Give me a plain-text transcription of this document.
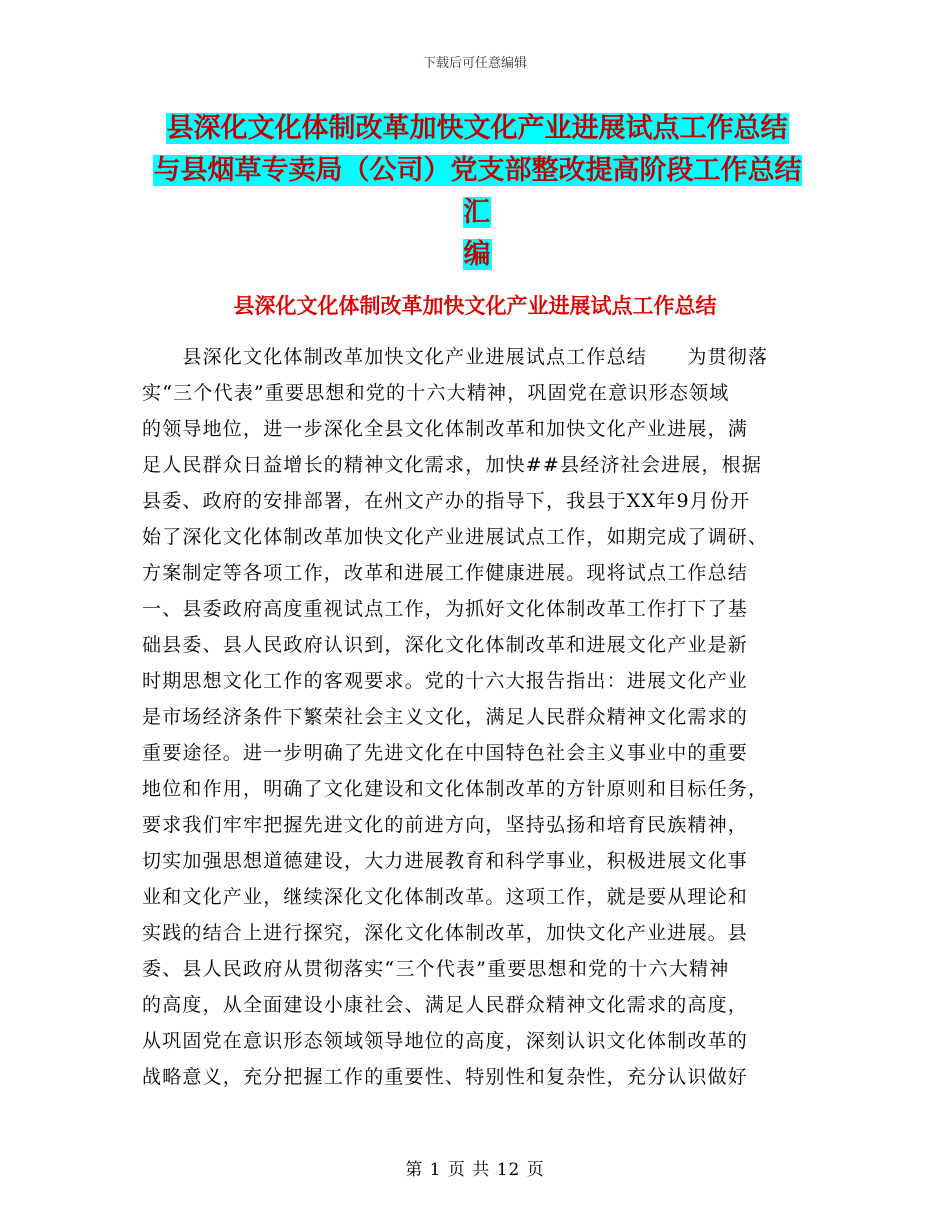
下载后可任意编辑
县深化文化体制改革加快文化产业进展试点工作总结
与县烟草专卖局（公司）党支部整改提高阶段工作总结汇
编
县深化文化体制改革加快文化产业进展试点工作总结
　　县深化文化体制改革加快文化产业进展试点工作总结　　为贯彻落
实“三个代表”重要思想和党的十六大精神，巩固党在意识形态领域
的领导地位，进一步深化全县文化体制改革和加快文化产业进展，满
足人民群众日益增长的精神文化需求，加快##县经济社会进展，根据
县委、政府的安排部署，在州文产办的指导下，我县于XX年9月份开
始了深化文化体制改革加快文化产业进展试点工作，如期完成了调研、
方案制定等各项工作，改革和进展工作健康进展。现将试点工作总结
一、县委政府高度重视试点工作，为抓好文化体制改革工作打下了基
础县委、县人民政府认识到，深化文化体制改革和进展文化产业是新
时期思想文化工作的客观要求。党的十六大报告指出：进展文化产业
是市场经济条件下繁荣社会主义文化，满足人民群众精神文化需求的
重要途径。进一步明确了先进文化在中国特色社会主义事业中的重要
地位和作用，明确了文化建设和文化体制改革的方针原则和目标任务，
要求我们牢牢把握先进文化的前进方向，坚持弘扬和培育民族精神，
切实加强思想道德建设，大力进展教育和科学事业，积极进展文化事
业和文化产业，继续深化文化体制改革。这项工作，就是要从理论和
实践的结合上进行探究，深化文化体制改革，加快文化产业进展。县
委、县人民政府从贯彻落实“三个代表”重要思想和党的十六大精神
的高度，从全面建设小康社会、满足人民群众精神文化需求的高度，
从巩固党在意识形态领域领导地位的高度，深刻认识文化体制改革的
战略意义，充分把握工作的重要性、特别性和复杂性，充分认识做好
第 1 页 共 12 页
